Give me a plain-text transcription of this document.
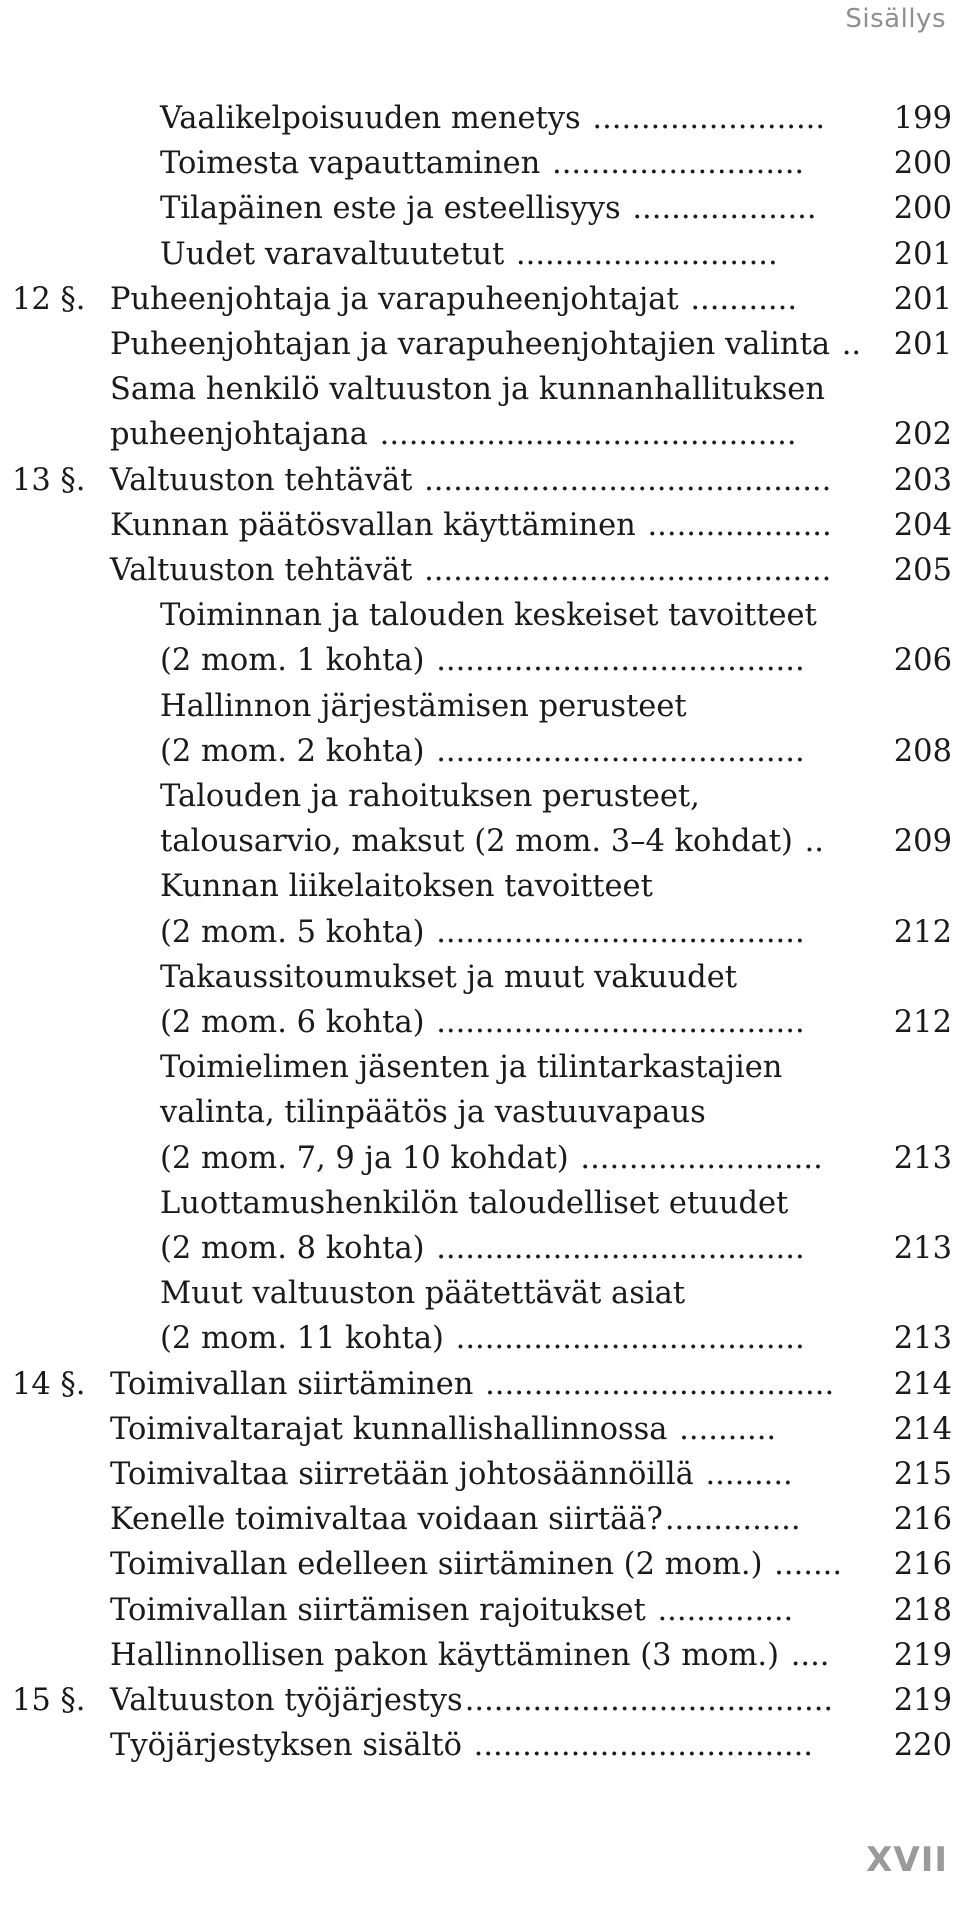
Sisällys
Vaalikelpoisuuden menetys ........................	199
Toimesta vapauttaminen ..........................	200
Tilapäinen este ja esteellisyys ...................	200
Uudet varavaltuutetut ...........................	201
12 §. Puheenjohtaja ja varapuheenjohtajat ...........	201
Puheenjohtajan ja varapuheenjohtajien valinta ..	201
Sama henkilö valtuuston ja kunnanhallituksen
puheenjohtajana ...........................................	202
13 §. Valtuuston tehtävät ..........................................	203
Kunnan päätösvallan käyttäminen ...................	204
Valtuuston tehtävät ..........................................	205
Toiminnan ja talouden keskeiset tavoitteet
(2 mom. 1 kohta) ......................................	206
Hallinnon järjestämisen perusteet
(2 mom. 2 kohta) ......................................	208
Talouden ja rahoituksen perusteet,
talousarvio, maksut (2 mom. 3–4 kohdat) ..	209
Kunnan liikelaitoksen tavoitteet
(2 mom. 5 kohta) ......................................	212
Takaussitoumukset ja muut vakuudet
(2 mom. 6 kohta) ......................................	212
Toimielimen jäsenten ja tilintarkastajien
valinta, tilinpäätös ja vastuuvapaus
(2 mom. 7, 9 ja 10 kohdat) .........................	213
Luottamushenkilön taloudelliset etuudet
(2 mom. 8 kohta) ......................................	213
Muut valtuuston päätettävät asiat
(2 mom. 11 kohta) ....................................	213
14 §. Toimivallan siirtäminen ....................................	214
Toimivaltarajat kunnallishallinnossa ..........	214
Toimivaltaa siirretään johtosäännöillä .........	215
Kenelle toimivaltaa voidaan siirtää?..............	216
Toimivallan edelleen siirtäminen (2 mom.) .......	216
Toimivallan siirtämisen rajoitukset ..............	218
Hallinnollisen pakon käyttäminen (3 mom.) ....	219
15 §. Valtuuston työjärjestys......................................	219
Työjärjestyksen sisältö ...................................	220
XVII
